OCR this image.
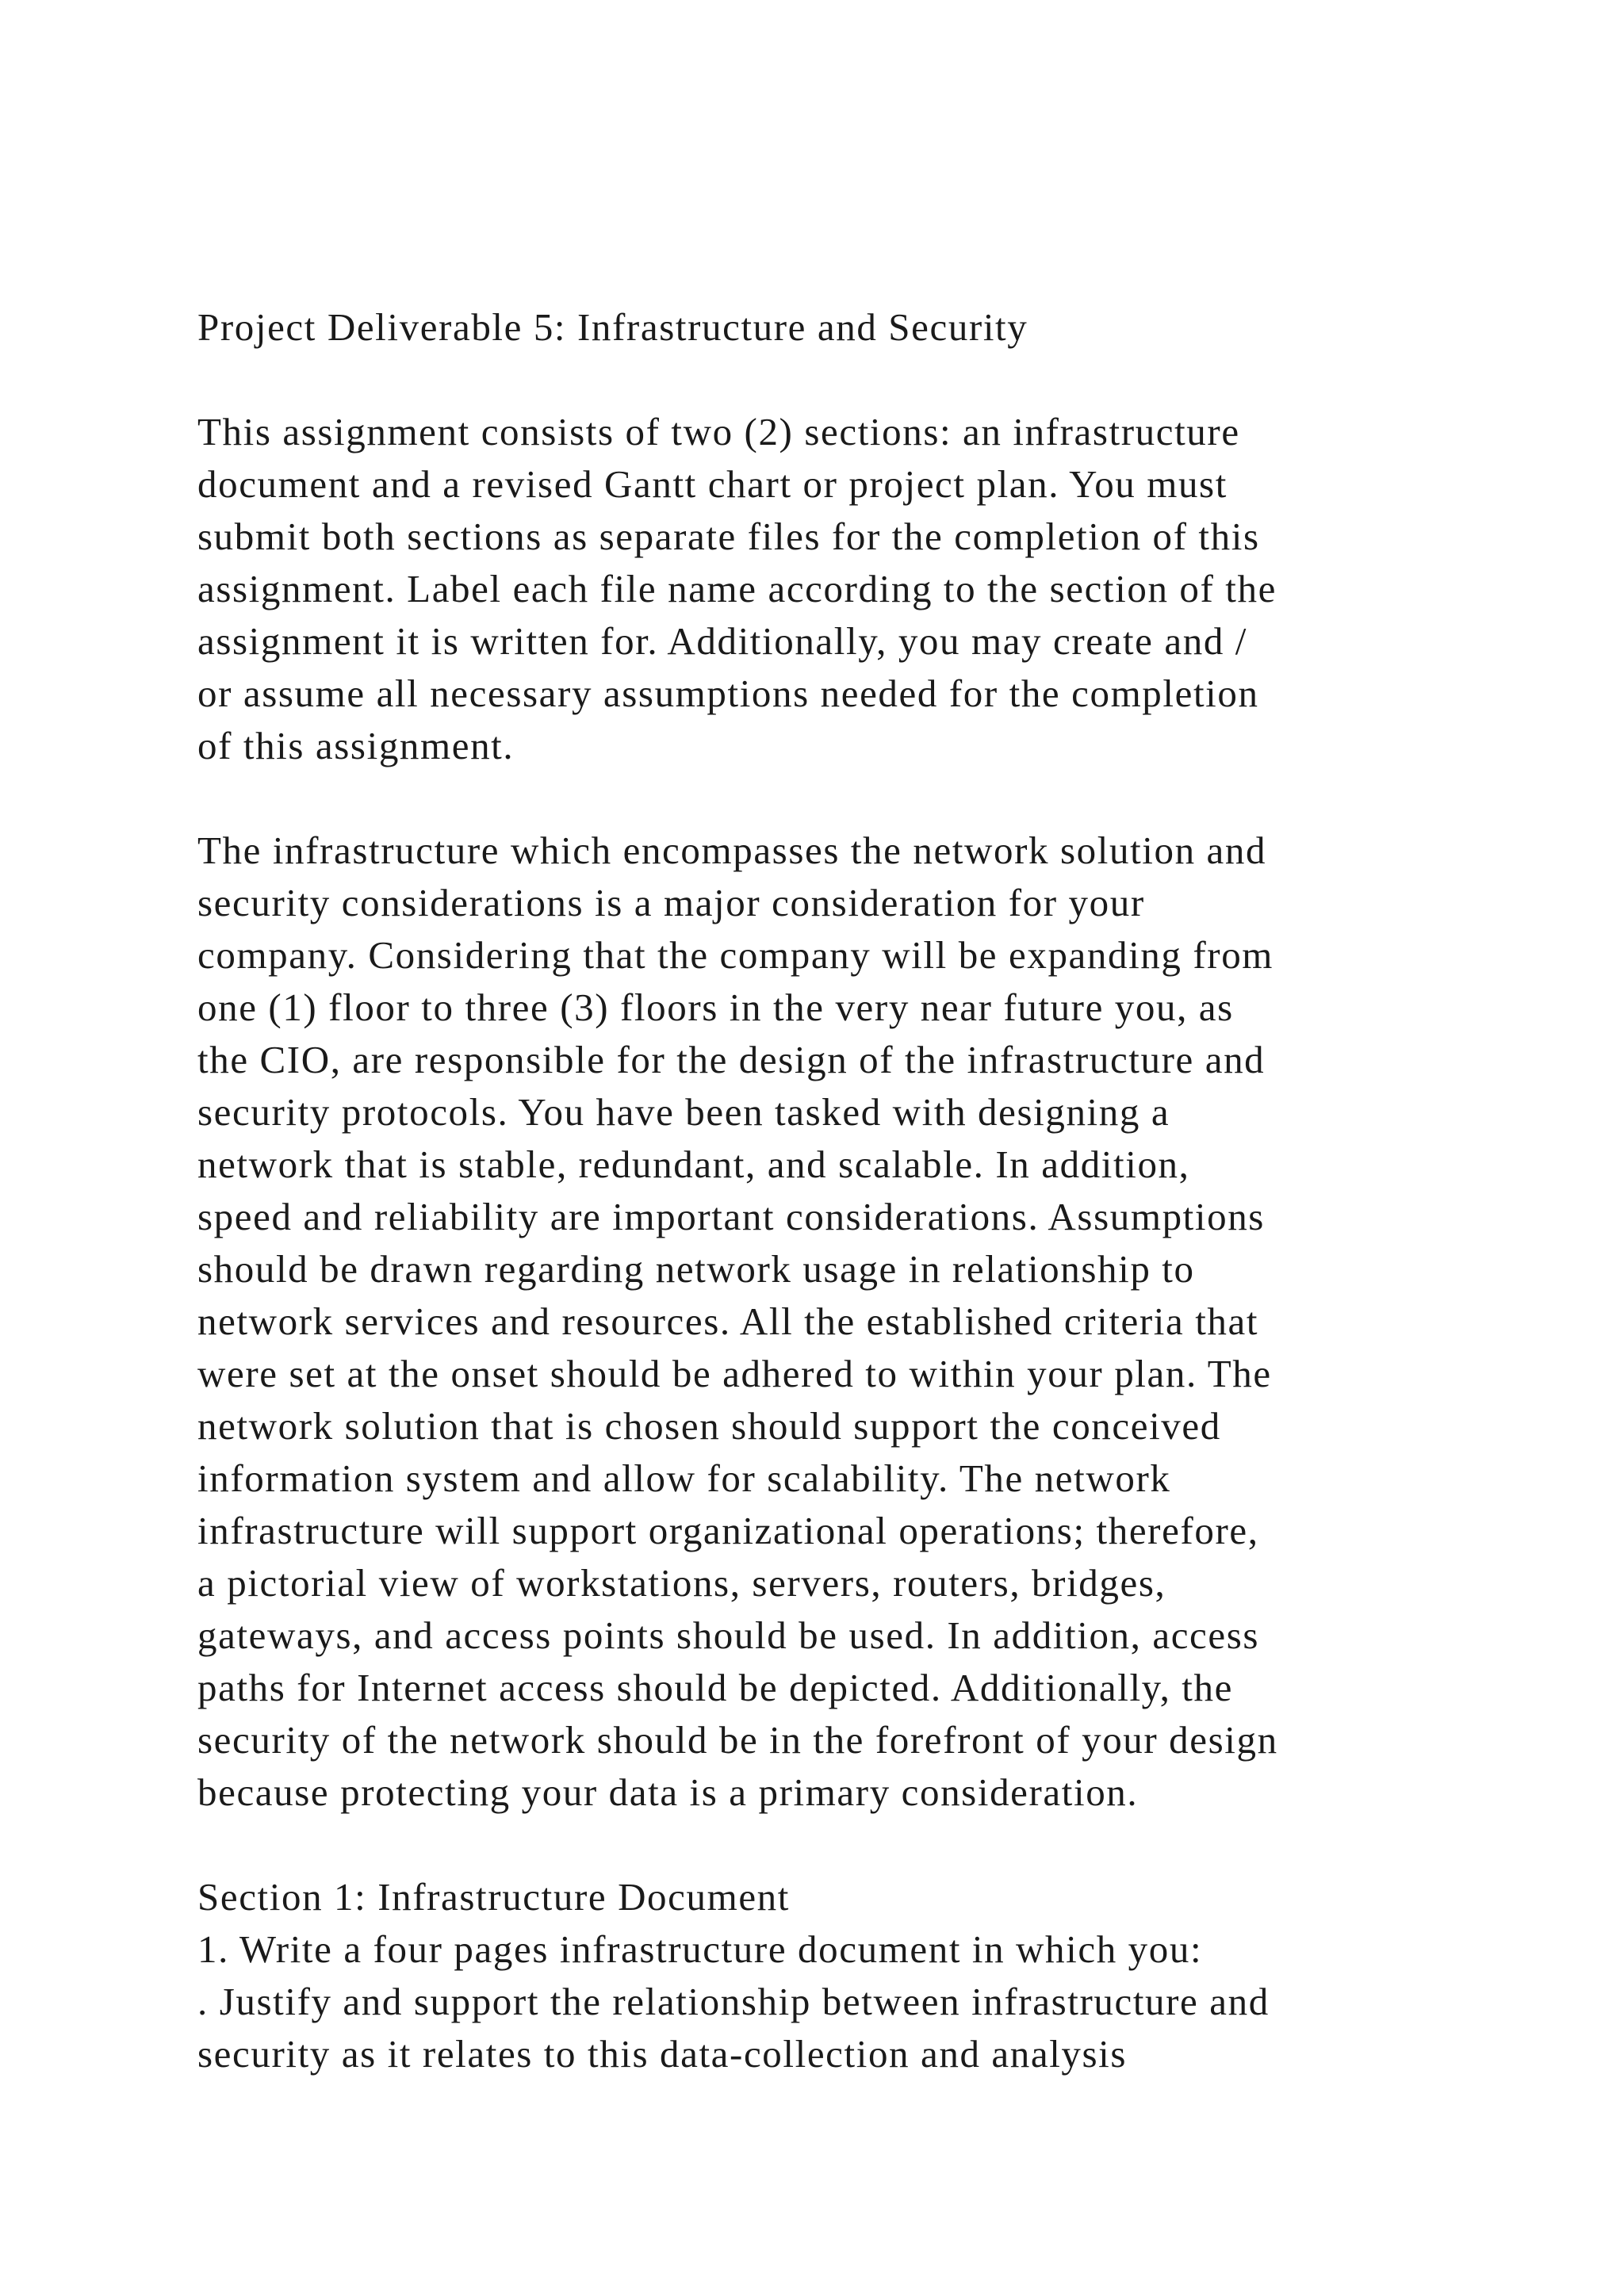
Project Deliverable 5: Infrastructure and Security
This assignment consists of two (2) sections: an infrastructure
document and a revised Gantt chart or project plan. You must
submit both sections as separate files for the completion of this
assignment. Label each file name according to the section of the
assignment it is written for. Additionally, you may create and /
or assume all necessary assumptions needed for the completion
of this assignment.
The infrastructure which encompasses the network solution and
security considerations is a major consideration for your
company. Considering that the company will be expanding from
one (1) floor to three (3) floors in the very near future you, as
the CIO, are responsible for the design of the infrastructure and
security protocols. You have been tasked with designing a
network that is stable, redundant, and scalable. In addition,
speed and reliability are important considerations. Assumptions
should be drawn regarding network usage in relationship to
network services and resources. All the established criteria that
were set at the onset should be adhered to within your plan. The
network solution that is chosen should support the conceived
information system and allow for scalability. The network
infrastructure will support organizational operations; therefore,
a pictorial view of workstations, servers, routers, bridges,
gateways, and access points should be used. In addition, access
paths for Internet access should be depicted. Additionally, the
security of the network should be in the forefront of your design
because protecting your data is a primary consideration.
Section 1: Infrastructure Document
1. Write a four pages infrastructure document in which you:
. Justify and support the relationship between infrastructure and
security as it relates to this data-collection and analysis
